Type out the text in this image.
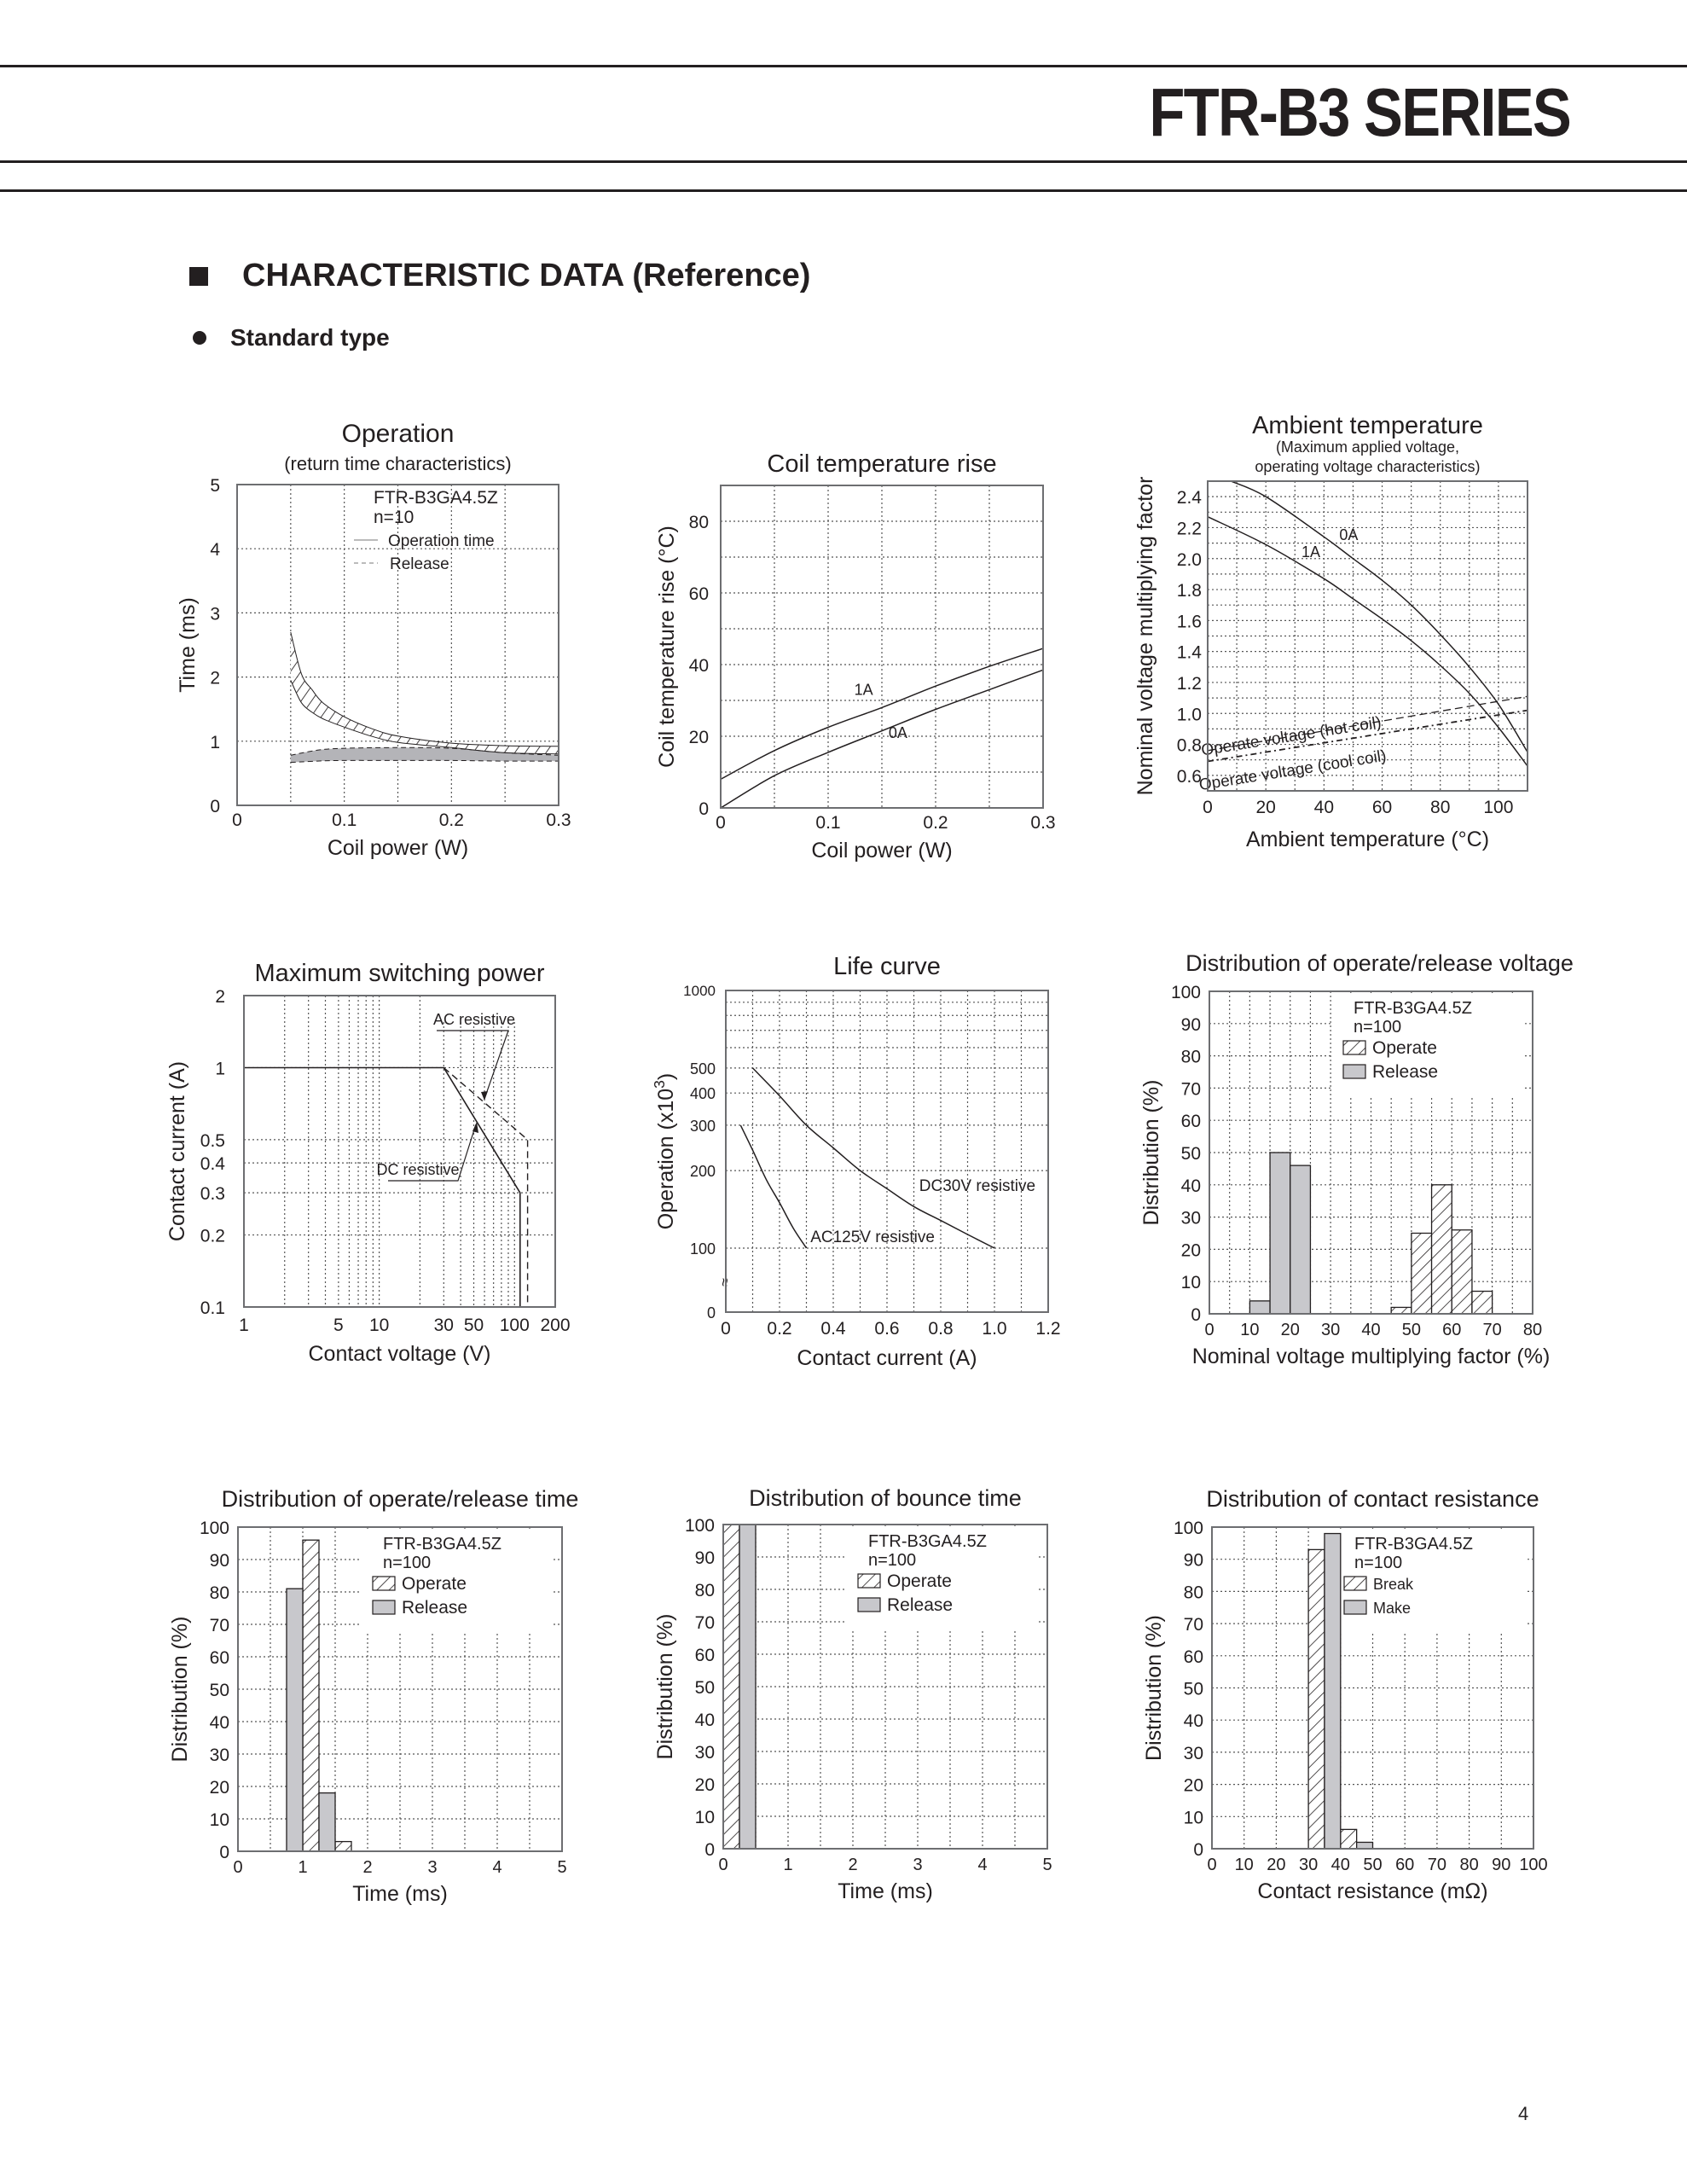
FTR-B3 SERIES
CHARACTERISTIC DATA (Reference)
Standard type
Operation
(return time characteristics)
0	0.1	0.2	0.3
0
1
2
3
4
5
Coil power (W)
Time (ms)
FTR-B3GA4.5Z
n=10
Operation time
Release
Coil temperature rise
0	0.1	0.2	0.3
0
20
40
60
80
Coil power (W)
Coil temperature rise (°C)	1A
0A
Ambient temperature
(Maximum applied voltage,
operating voltage characteristics)
0 20 40 60 80 100
0.6
0.8
1.0
1.2
1.4
1.6
1.8
2.0
2.2
2.4
Ambient temperature (°C)
Nominal voltage multiplying factor	0A
1A
Operate voltage (hot coil)
Operate voltage (cool coil)
Maximum switching power
1	5 10 30 50 100 200
0.1
0.2
0.3
0.4
0.5
1
2
Contact voltage (V)
Contact current (A)
AC resistive
DC resistive
Life curve
0 0.2 0.4 0.6 0.8 1.0 1.2
0
100
200
300
400
500
1000
≈
Contact current (A)
Operation $(x10^3)$
DC30V resistive
AC125V resistive
Distribution of operate/release voltage
0 10 20 30 40 50 60 70 80
0
10
20
30
40
50
60
70
80
90
100
Nominal voltage multiplying factor (%)
Distribution (%)
FTR-B3GA4.5Z
n=100
Operate
Release
Distribution of operate/release time
0	1	2	3	4	5
0
10
20
30
40
50
60
70
80
90
100
Time (ms)
Distribution (%)
FTR-B3GA4.5Z
n=100
Operate
Release
Distribution of bounce time
0	1	2	3	4	5
0
10
20
30
40
50
60
70
80
90
100
Time (ms)
Distribution (%)
FTR-B3GA4.5Z
n=100
Operate
Release
Distribution of contact resistance
0 10 20 30 40 50 60 70 80 90 100
0
10
20
30
40
50
60
70
80
90
100
Contact resistance (mΩ)
Distribution (%)
FTR-B3GA4.5Z
n=100
Break
Make
4
